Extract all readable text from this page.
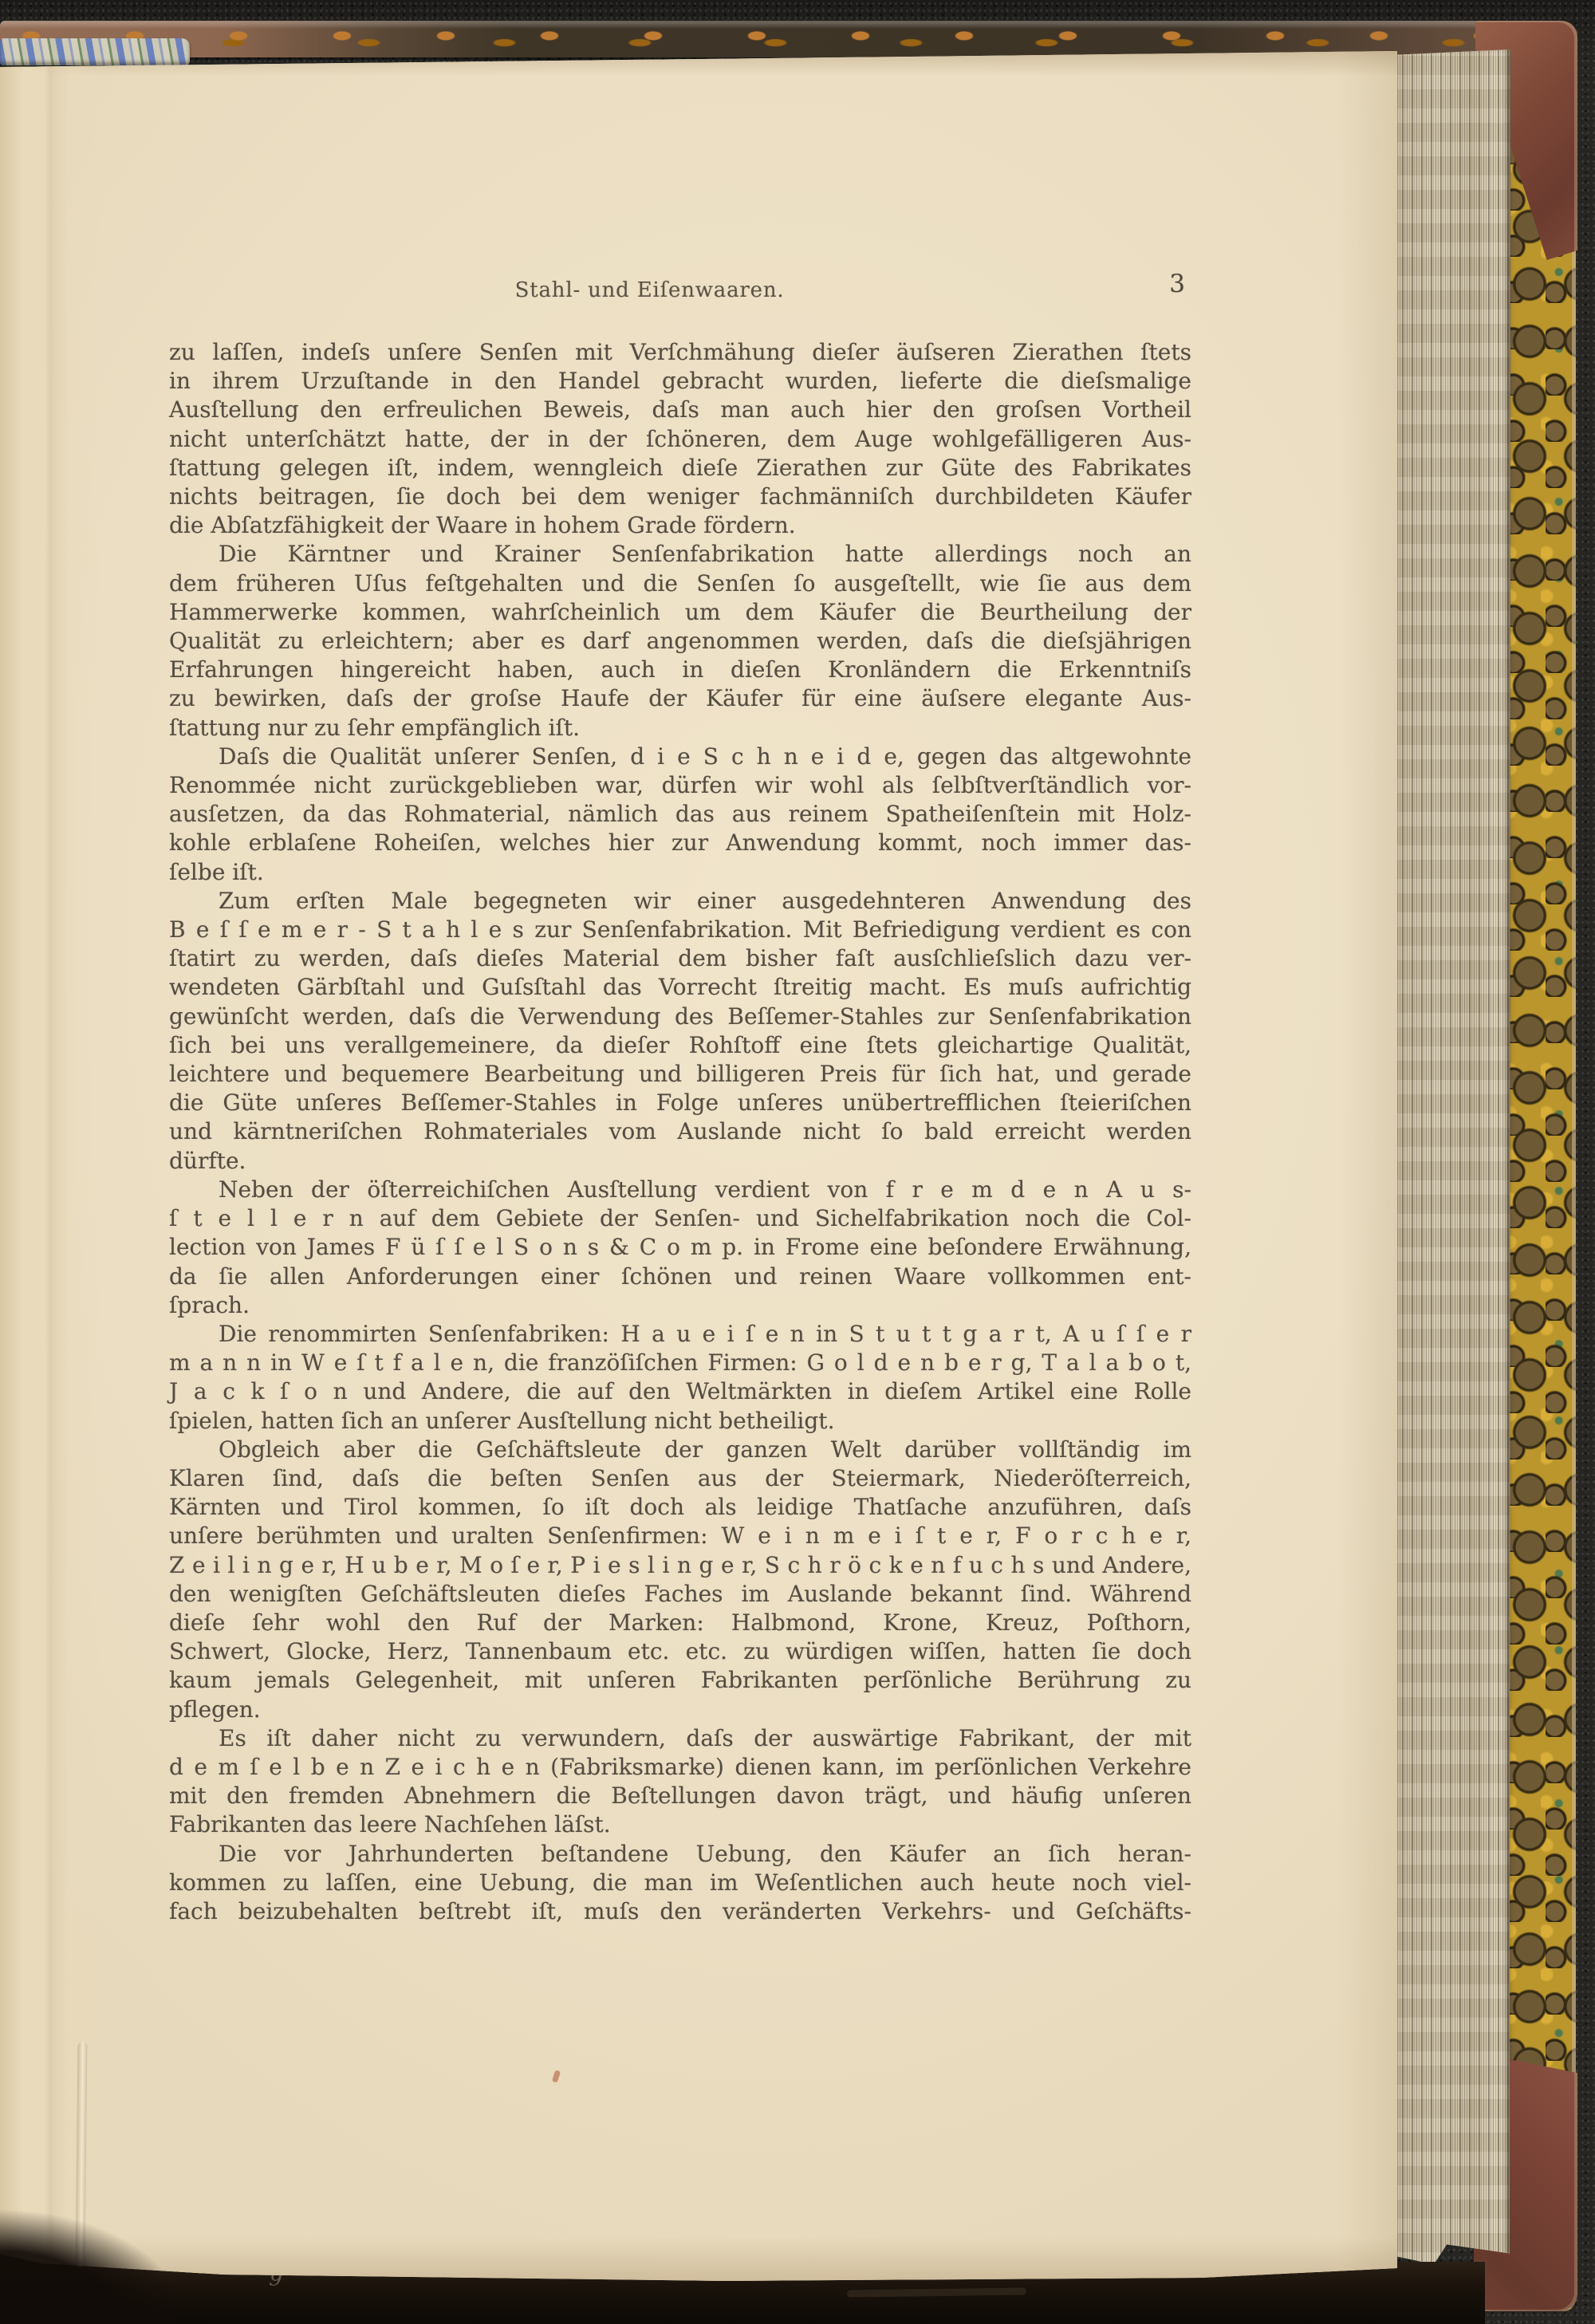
Stahl- und Eiſenwaaren.	3
zu laſſen, indeſs unſere Senſen mit Verſchmähung dieſer äuſseren Zierathen ſtets
in ihrem Urzuſtande in den Handel gebracht wurden, lieferte die dieſsmalige
Ausſtellung den erfreulichen Beweis, daſs man auch hier den groſsen Vortheil
nicht unterſchätzt hatte, der in der ſchöneren, dem Auge wohlgefälligeren Aus-
ſtattung gelegen iſt, indem, wenngleich dieſe Zierathen zur Güte des Fabrikates
nichts beitragen, ſie doch bei dem weniger fachmänniſch durchbildeten Käufer
die Abſatzfähigkeit der Waare in hohem Grade fördern.
Die Kärntner und Krainer Senſenfabrikation hatte allerdings noch an
dem früheren Uſus feſtgehalten und die Senſen ſo ausgeſtellt, wie ſie aus dem
Hammerwerke kommen, wahrſcheinlich um dem Käufer die Beurtheilung der
Qualität zu erleichtern; aber es darf angenommen werden, daſs die dieſsjährigen
Erfahrungen hingereicht haben, auch in dieſen Kronländern die Erkenntniſs
zu bewirken, daſs der groſse Haufe der Käufer für eine äuſsere elegante Aus-
ſtattung nur zu ſehr empfänglich iſt.
Daſs die Qualität unſerer Senſen, d i e S c h n e i d e, gegen das altgewohnte
Renommée nicht zurückgeblieben war, dürfen wir wohl als ſelbſtverſtändlich vor-
ausſetzen, da das Rohmaterial, nämlich das aus reinem Spatheiſenſtein mit Holz-
kohle erblaſene Roheiſen, welches hier zur Anwendung kommt, noch immer das-
ſelbe iſt.
Zum erſten Male begegneten wir einer ausgedehnteren Anwendung des
B e ſ ſ e m e r - S t a h l e s zur Senſenfabrikation. Mit Befriedigung verdient es con
ſtatirt zu werden, daſs dieſes Material dem bisher faſt ausſchlieſslich dazu ver-
wendeten Gärbſtahl und Guſsſtahl das Vorrecht ſtreitig macht. Es muſs aufrichtig
gewünſcht werden, daſs die Verwendung des Beſſemer-Stahles zur Senſenfabrikation
ſich bei uns verallgemeinere, da dieſer Rohſtoff eine ſtets gleichartige Qualität,
leichtere und bequemere Bearbeitung und billigeren Preis für ſich hat, und gerade
die Güte unſeres Beſſemer-Stahles in Folge unſeres unübertrefflichen ſteieriſchen
und kärntneriſchen Rohmateriales vom Auslande nicht ſo bald erreicht werden
dürfte.
Neben der öſterreichiſchen Ausſtellung verdient von f r e m d e n A u s-
ſ t e l l e r n auf dem Gebiete der Senſen- und Sichelfabrikation noch die Col-
lection von James F ü ſ ſ e l S o n s & C o m p. in Frome eine beſondere Erwähnung,
da ſie allen Anforderungen einer ſchönen und reinen Waare vollkommen ent-
ſprach.
Die renommirten Senſenfabriken: H a u e i ſ e n in S t u t t g a r t, A u ſ ſ e r
m a n n in W e ſ t f a l e n, die franzöſiſchen Firmen: G o l d e n b e r g, T a l a b o t,
J a c k ſ o n und Andere, die auf den Weltmärkten in dieſem Artikel eine Rolle
ſpielen, hatten ſich an unſerer Ausſtellung nicht betheiligt.
Obgleich aber die Geſchäftsleute der ganzen Welt darüber vollſtändig im
Klaren ſind, daſs die beſten Senſen aus der Steiermark, Niederöſterreich,
Kärnten und Tirol kommen, ſo iſt doch als leidige Thatſache anzuführen, daſs
unſere berühmten und uralten Senſenfirmen: W e i n m e i ſ t e r, F o r c h e r,
Z e i l i n g e r, H u b e r, M o ſ e r, P i e s l i n g e r, S c h r ö c k e n f u c h s und Andere,
den wenigſten Geſchäftsleuten dieſes Faches im Auslande bekannt ſind. Während
dieſe ſehr wohl den Ruf der Marken: Halbmond, Krone, Kreuz, Poſthorn,
Schwert, Glocke, Herz, Tannenbaum etc. etc. zu würdigen wiſſen, hatten ſie doch
kaum jemals Gelegenheit, mit unſeren Fabrikanten perſönliche Berührung zu
pflegen.
Es iſt daher nicht zu verwundern, daſs der auswärtige Fabrikant, der mit
d e m ſ e l b e n Z e i c h e n (Fabriksmarke) dienen kann, im perſönlichen Verkehre
mit den fremden Abnehmern die Beſtellungen davon trägt, und häufig unſeren
Fabrikanten das leere Nachſehen läſst.
Die vor Jahrhunderten beſtandene Uebung, den Käufer an ſich heran-
kommen zu laſſen, eine Uebung, die man im Weſentlichen auch heute noch viel-
fach beizubehalten beſtrebt iſt, muſs den veränderten Verkehrs- und Geſchäfts-
9
